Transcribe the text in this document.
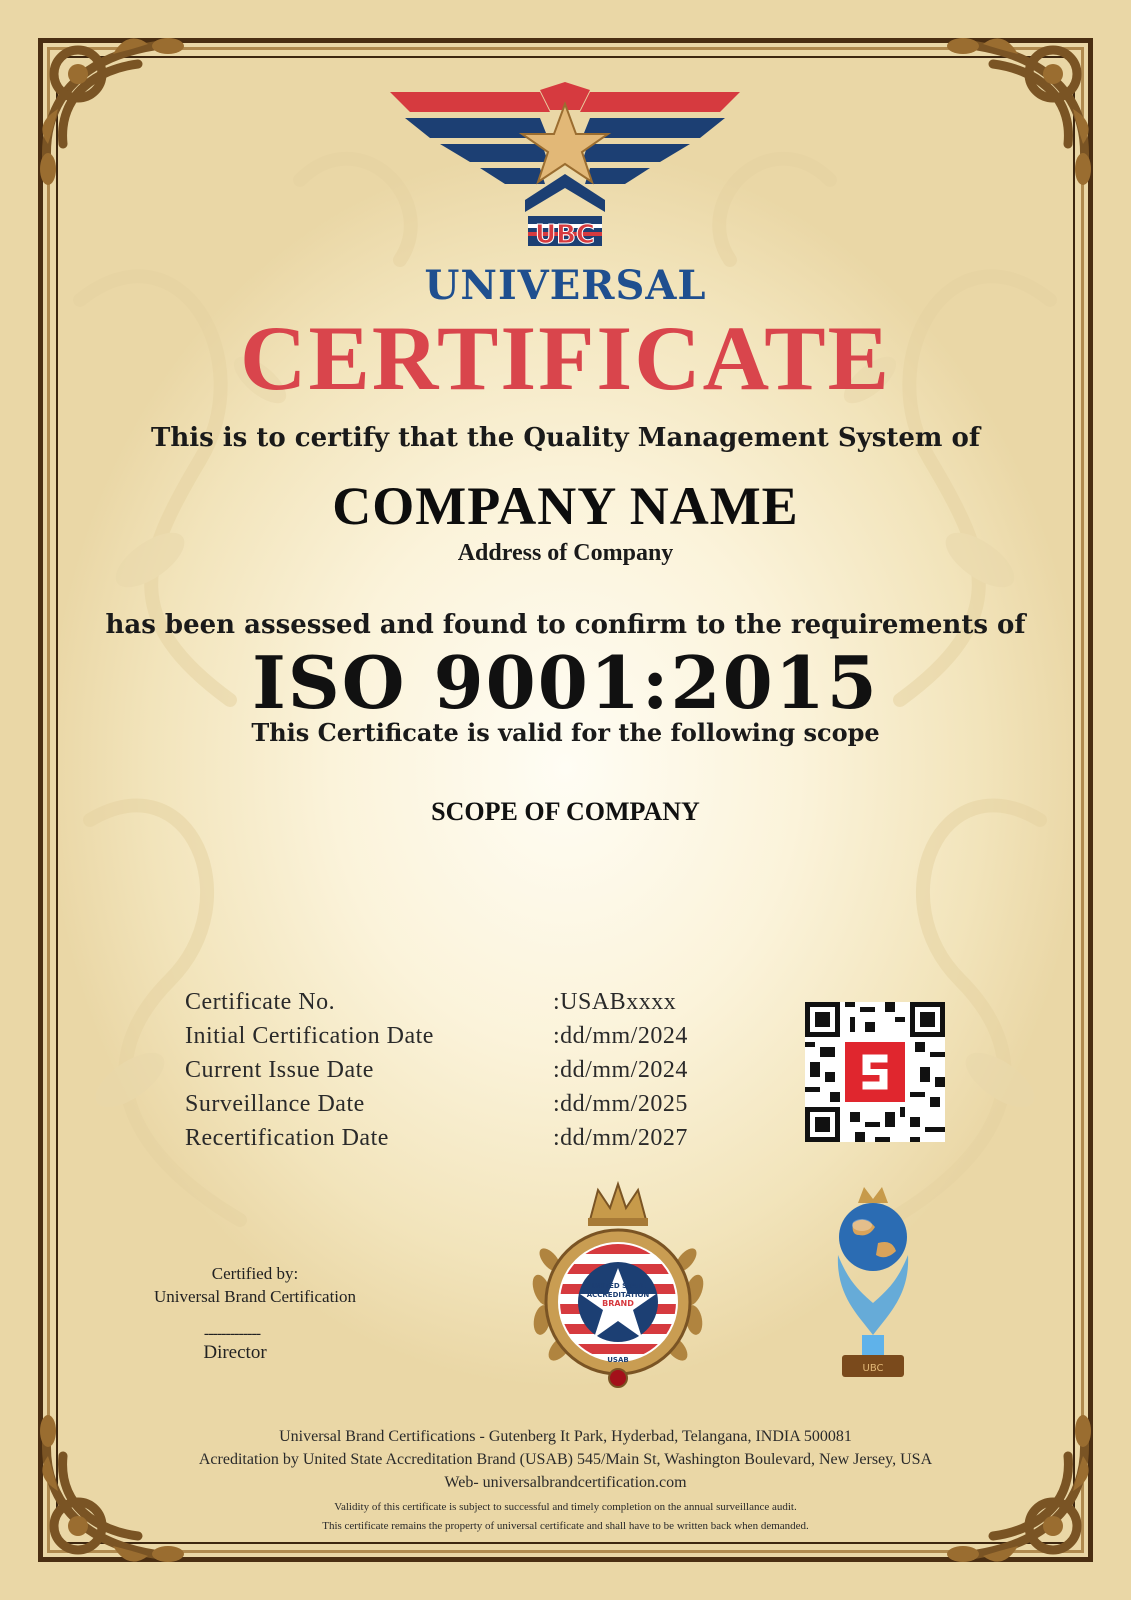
UBC
UNIVERSAL
CERTIFICATE
This is to certify that the Quality Management System of
COMPANY NAME
Address of Company
has been assessed and found to confirm to the requirements of
ISO 9001:2015
This Certificate is valid for the following scope
SCOPE OF COMPANY
Certificate No.	:USABxxxx
Initial Certification Date	:dd/mm/2024
Current Issue Date	:dd/mm/2024
Surveillance Date	:dd/mm/2025
Recertification Date	:dd/mm/2027
UNITED STATE
ACCREDITATION
BRAND
USAB
UBC
Certified by:
Universal Brand Certification
-------------
Director
Universal Brand Certifications - Gutenberg It Park, Hyderbad, Telangana, INDIA 500081
Acreditation by United State Accreditation Brand (USAB) 545/Main St, Washington Boulevard, New Jersey, USA
Web- universalbrandcertification.com
Validity of this certificate is subject to successful and timely completion on the annual surveillance audit.
This certificate remains the property of universal certificate and shall have to be written back when demanded.
